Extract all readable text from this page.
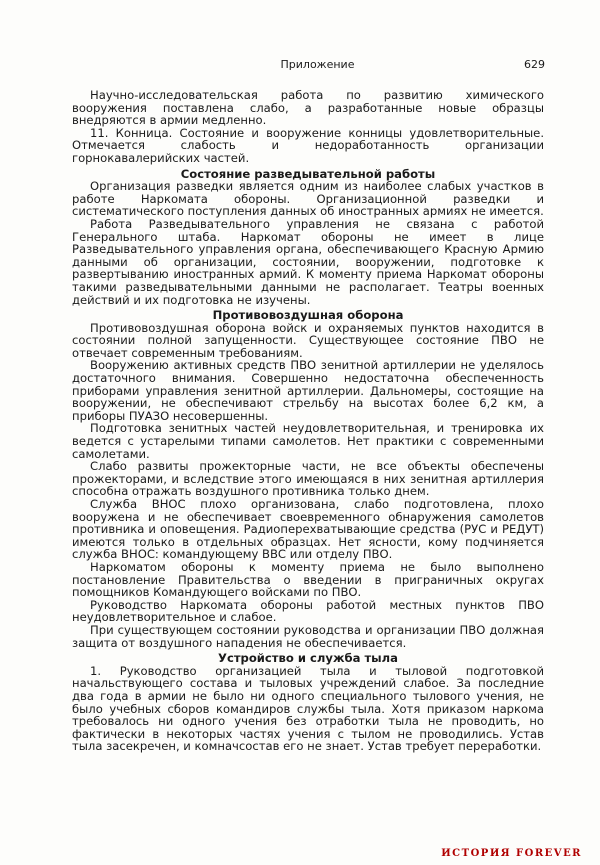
Приложение	629

Научно-исследовательская работа по развитию химического вооружения поставлена слабо, а разработанные новые образцы внедряются в армии медленно.

11. Конница. Состояние и вооружение конницы удовлетворительные. Отмечается слабость и недоработанность организации горнокавалерийских частей.

Состояние разведывательной работы

Организация разведки является одним из наиболее слабых участков в работе Наркомата обороны. Организационной разведки и систематического поступления данных об иностранных армиях не имеется.

Работа Разведывательного управления не связана с работой Генерального штаба. Наркомат обороны не имеет в лице Разведывательного управления органа, обеспечивающего Красную Армию данными об организации, состоянии, вооружении, подготовке к развертыванию иностранных армий. К моменту приема Наркомат обороны такими разведывательными данными не располагает. Театры военных действий и их подготовка не изучены.

Противовоздушная оборона

Противовоздушная оборона войск и охраняемых пунктов находится в состоянии полной запущенности. Существующее состояние ПВО не отвечает современным требованиям.

Вооружению активных средств ПВО зенитной артиллерии не уделялось достаточного внимания. Совершенно недостаточна обеспеченность приборами управления зенитной артиллерии. Дальномеры, состоящие на вооружении, не обеспечивают стрельбу на высотах более 6,2 км, а приборы ПУАЗО несовершенны.

Подготовка зенитных частей неудовлетворительная, и тренировка их ведется с устарелыми типами самолетов. Нет практики с современными самолетами.

Слабо развиты прожекторные части, не все объекты обеспечены прожекторами, и вследствие этого имеющаяся в них зенитная артиллерия способна отражать воздушного противника только днем.

Служба ВНОС плохо организована, слабо подготовлена, плохо вооружена и не обеспечивает своевременного обнаружения самолетов противника и оповещения. Радиоперехватывающие средства (РУС и РЕДУТ) имеются только в отдельных образцах. Нет ясности, кому подчиняется служба ВНОС: командующему ВВС или отделу ПВО.

Наркоматом обороны к моменту приема не было выполнено постановление Правительства о введении в приграничных округах помощников Командующего войсками по ПВО.

Руководство Наркомата обороны работой местных пунктов ПВО неудовлетворительное и слабое.

При существующем состоянии руководства и организации ПВО должная защита от воздушного нападения не обеспечивается.

Устройство и служба тыла

1. Руководство организацией тыла и тыловой подготовкой начальствующего состава и тыловых учреждений слабое. За последние два года в армии не было ни одного специального тылового учения, не было учебных сборов командиров службы тыла. Хотя приказом наркома требовалось ни одного учения без отработки тыла не проводить, но фактически в некоторых частях учения с тылом не проводились. Устав тыла засекречен, и комначсостав его не знает. Устав требует переработки.

ИСТОРИЯ FOREVER
